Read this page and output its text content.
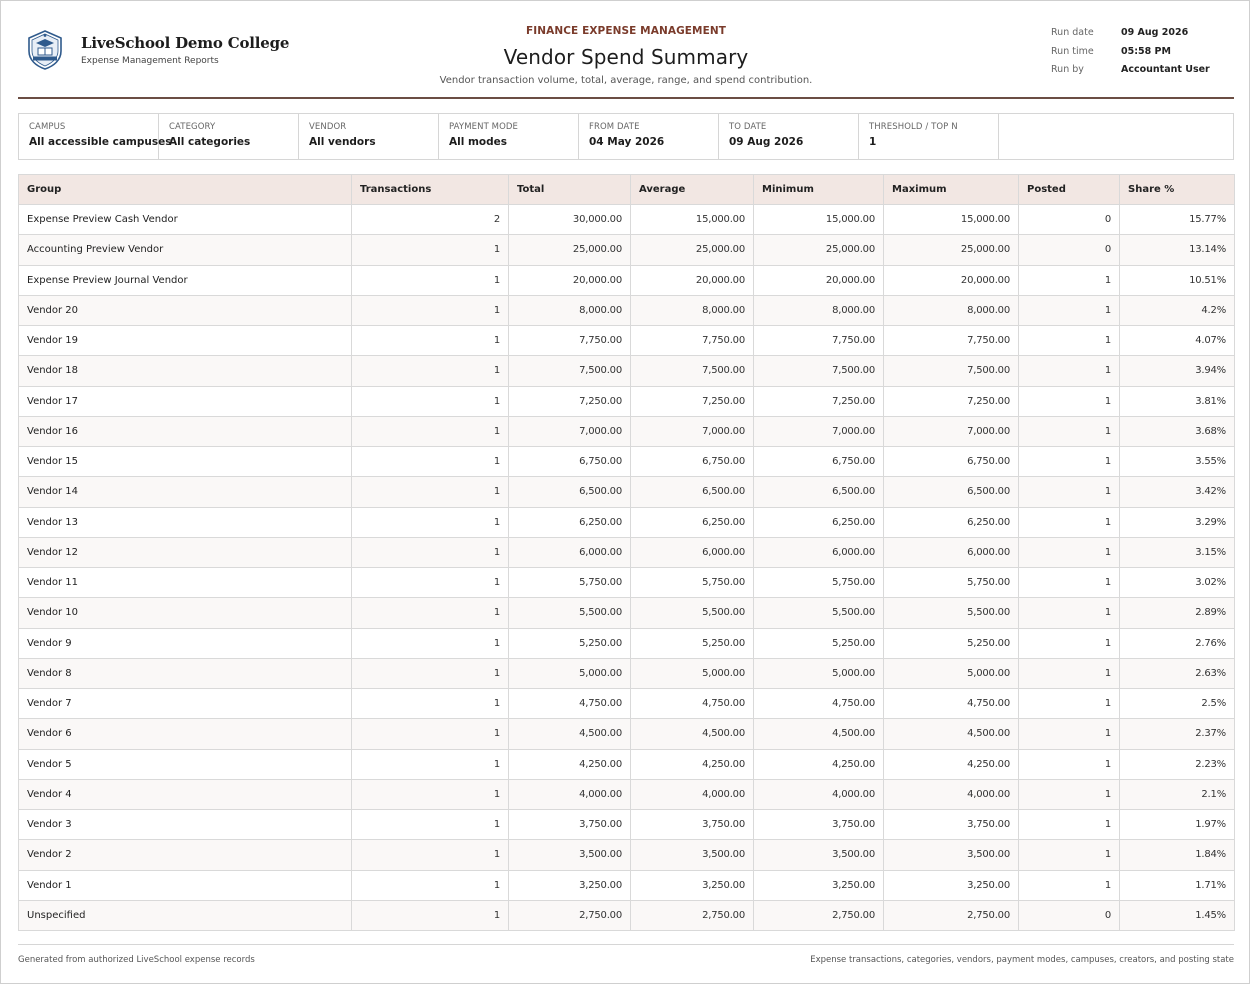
LiveSchool Demo College
Expense Management Reports
FINANCE EXPENSE MANAGEMENT
Vendor Spend Summary
Vendor transaction volume, total, average, range, and spend contribution.
Run date	09 Aug 2026
Run time	05:58 PM
Run by	Accountant User
CAMPUS
All accessible campuses
CATEGORY
All categories
VENDOR
All vendors
PAYMENT MODE
All modes
FROM DATE
04 May 2026
TO DATE
09 Aug 2026
THRESHOLD / TOP N
1
Group	Transactions	Total	Average	Minimum	Maximum	Posted	Share %
Expense Preview Cash Vendor	2	30,000.00	15,000.00	15,000.00	15,000.00	0	15.77%
Accounting Preview Vendor	1	25,000.00	25,000.00	25,000.00	25,000.00	0	13.14%
Expense Preview Journal Vendor	1	20,000.00	20,000.00	20,000.00	20,000.00	1	10.51%
Vendor 20	1	8,000.00	8,000.00	8,000.00	8,000.00	1	4.2%
Vendor 19	1	7,750.00	7,750.00	7,750.00	7,750.00	1	4.07%
Vendor 18	1	7,500.00	7,500.00	7,500.00	7,500.00	1	3.94%
Vendor 17	1	7,250.00	7,250.00	7,250.00	7,250.00	1	3.81%
Vendor 16	1	7,000.00	7,000.00	7,000.00	7,000.00	1	3.68%
Vendor 15	1	6,750.00	6,750.00	6,750.00	6,750.00	1	3.55%
Vendor 14	1	6,500.00	6,500.00	6,500.00	6,500.00	1	3.42%
Vendor 13	1	6,250.00	6,250.00	6,250.00	6,250.00	1	3.29%
Vendor 12	1	6,000.00	6,000.00	6,000.00	6,000.00	1	3.15%
Vendor 11	1	5,750.00	5,750.00	5,750.00	5,750.00	1	3.02%
Vendor 10	1	5,500.00	5,500.00	5,500.00	5,500.00	1	2.89%
Vendor 9	1	5,250.00	5,250.00	5,250.00	5,250.00	1	2.76%
Vendor 8	1	5,000.00	5,000.00	5,000.00	5,000.00	1	2.63%
Vendor 7	1	4,750.00	4,750.00	4,750.00	4,750.00	1	2.5%
Vendor 6	1	4,500.00	4,500.00	4,500.00	4,500.00	1	2.37%
Vendor 5	1	4,250.00	4,250.00	4,250.00	4,250.00	1	2.23%
Vendor 4	1	4,000.00	4,000.00	4,000.00	4,000.00	1	2.1%
Vendor 3	1	3,750.00	3,750.00	3,750.00	3,750.00	1	1.97%
Vendor 2	1	3,500.00	3,500.00	3,500.00	3,500.00	1	1.84%
Vendor 1	1	3,250.00	3,250.00	3,250.00	3,250.00	1	1.71%
Unspecified	1	2,750.00	2,750.00	2,750.00	2,750.00	0	1.45%
Generated from authorized LiveSchool expense records	Expense transactions, categories, vendors, payment modes, campuses, creators, and posting state
